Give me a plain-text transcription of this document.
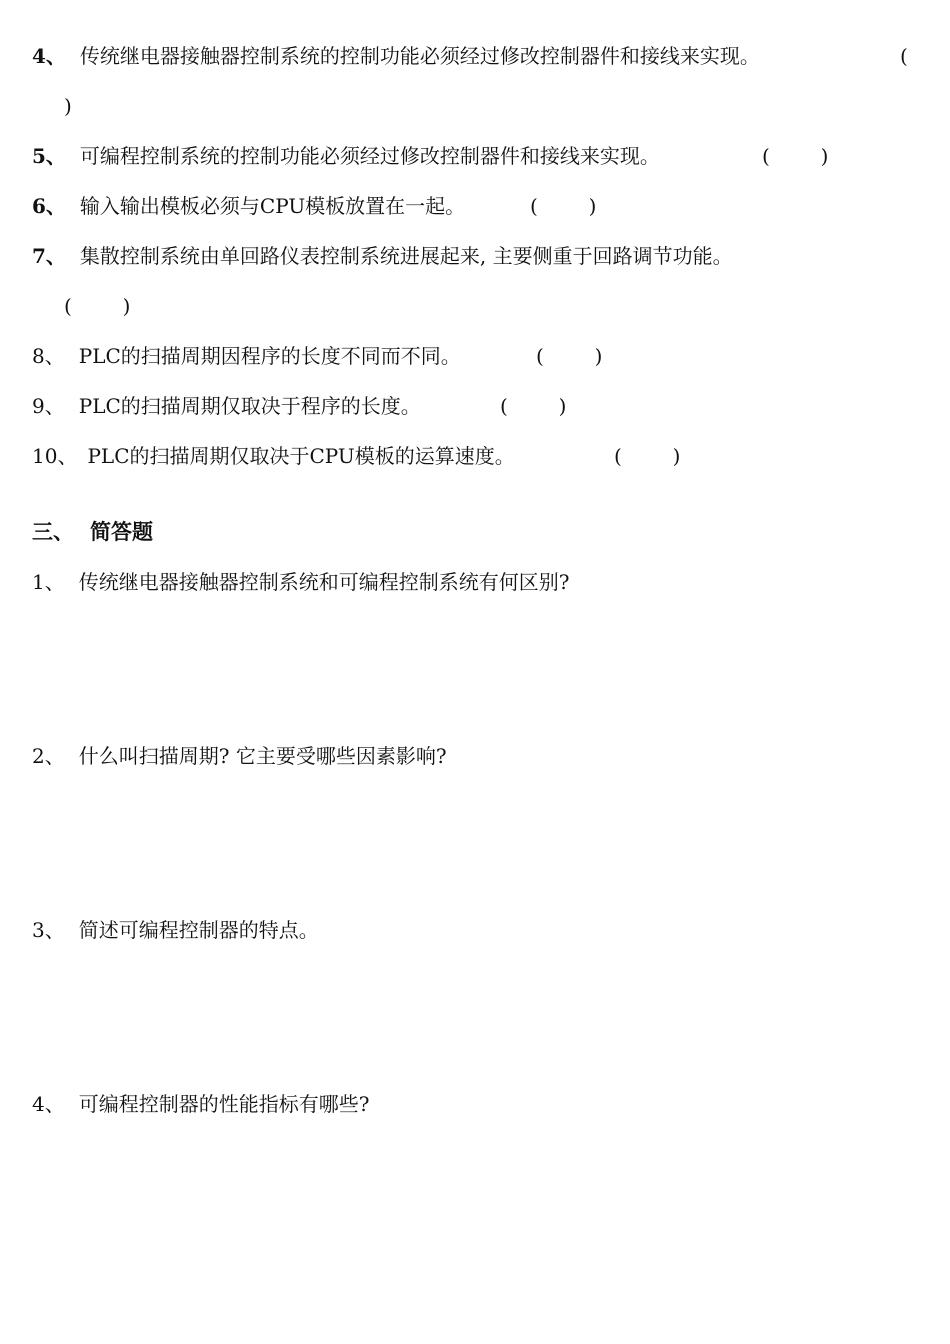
4、 传统继电器接触器控制系统的控制功能必须经过修改控制器件和接线来实现。	(
)
5、 可编程控制系统的控制功能必须经过修改控制器件和接线来实现。	(        )
6、 输入输出模板必须与CPU模板放置在一起。	(        )
7、 集散控制系统由单回路仪表控制系统进展起来, 主要侧重于回路调节功能。
(        )
8、 PLC的扫描周期因程序的长度不同而不同。	(        )
9、 PLC的扫描周期仅取决于程序的长度。	(        )
10、 PLC的扫描周期仅取决于CPU模板的运算速度。	(        )
三、 简答题
1、 传统继电器接触器控制系统和可编程控制系统有何区别?
2、 什么叫扫描周期? 它主要受哪些因素影响?
3、 简述可编程控制器的特点。
4、 可编程控制器的性能指标有哪些?
